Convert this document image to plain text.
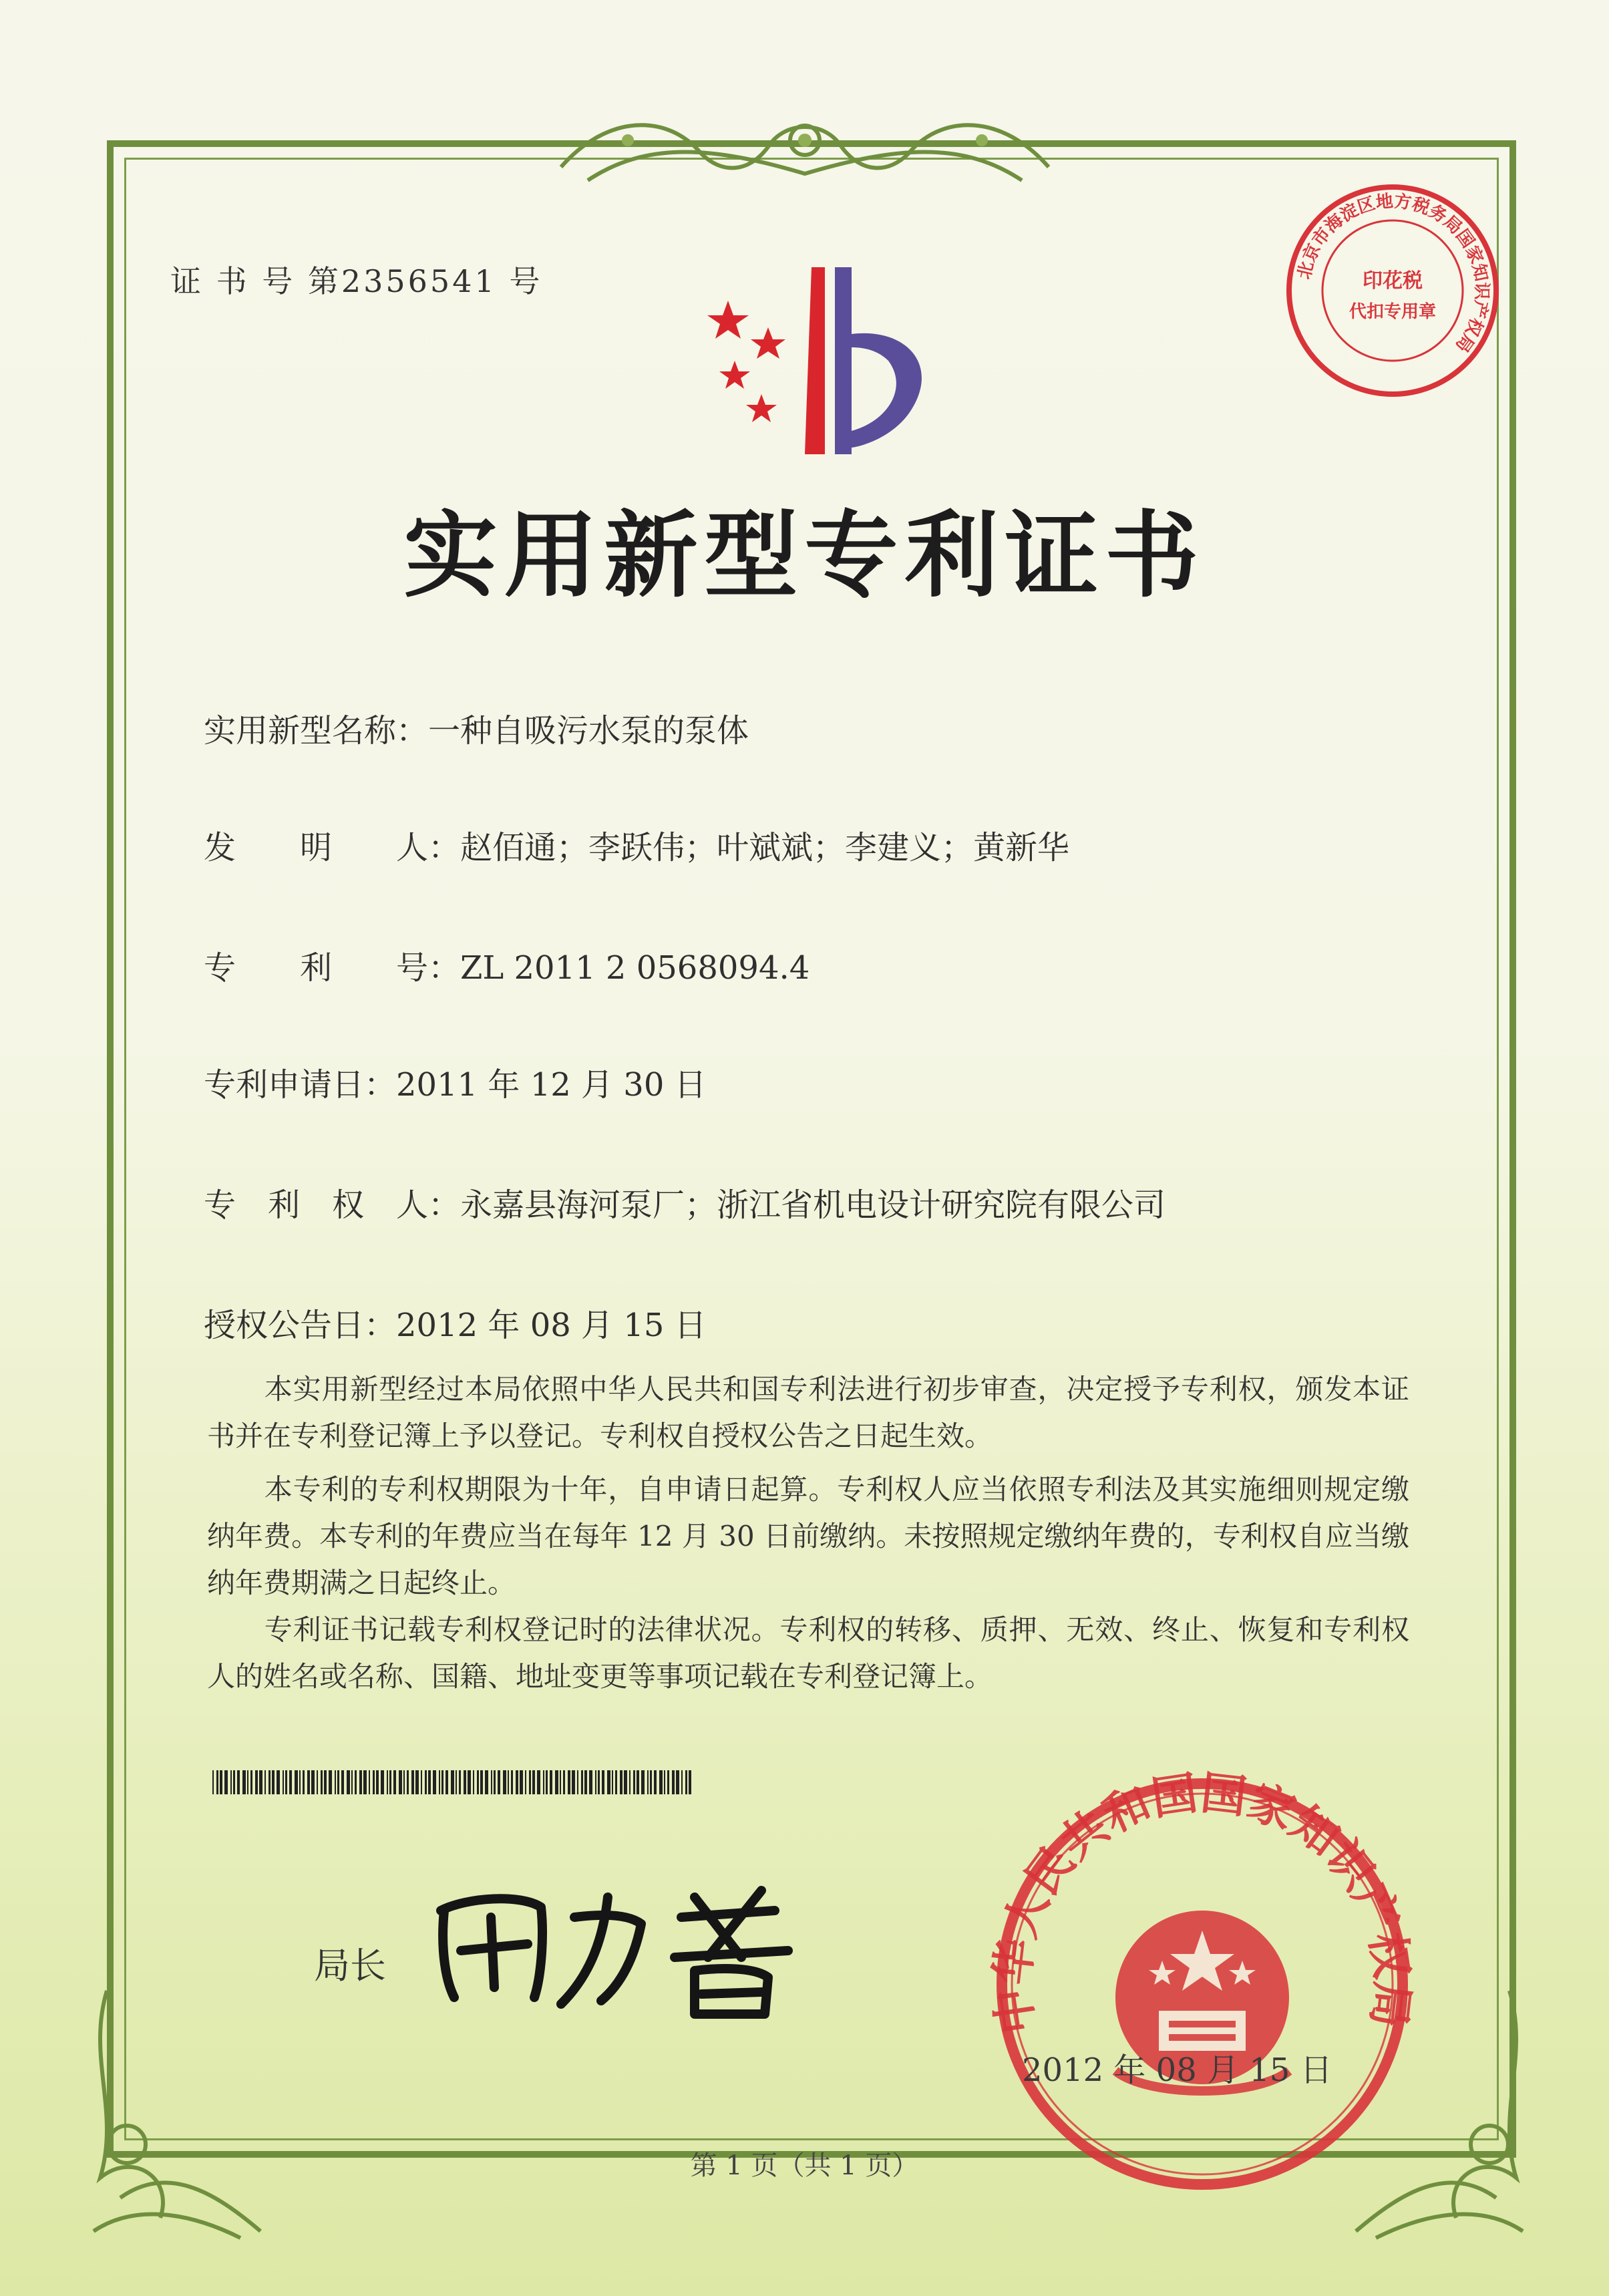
证 书 号 第2356541 号
实用新型专利证书
实用新型名称：一种自吸污水泵的泵体
发　　明　　人：赵佰通；李跃伟；叶斌斌；李建义；黄新华
专　　利　　号：ZL 2011 2 0568094.4
专利申请日：2011 年 12 月 30 日
专　利　权　人：永嘉县海河泵厂；浙江省机电设计研究院有限公司
授权公告日：2012 年 08 月 15 日
　　本实用新型经过本局依照中华人民共和国专利法进行初步审查，决定授予专利权，颁发本证书并在专利登记簿上予以登记。专利权自授权公告之日起生效。
　　本专利的专利权期限为十年，自申请日起算。专利权人应当依照专利法及其实施细则规定缴纳年费。本专利的年费应当在每年 12 月 30 日前缴纳。未按照规定缴纳年费的，专利权自应当缴纳年费期满之日起终止。
　　专利证书记载专利权登记时的法律状况。专利权的转移、质押、无效、终止、恢复和专利权人的姓名或名称、国籍、地址变更等事项记载在专利登记簿上。
局长
北京市海淀区地方税务局国家知识产权局
印花税
代扣专用章
中华人民共和国国家知识产权局
2012 年 08 月 15 日
第 1 页（共 1 页）
